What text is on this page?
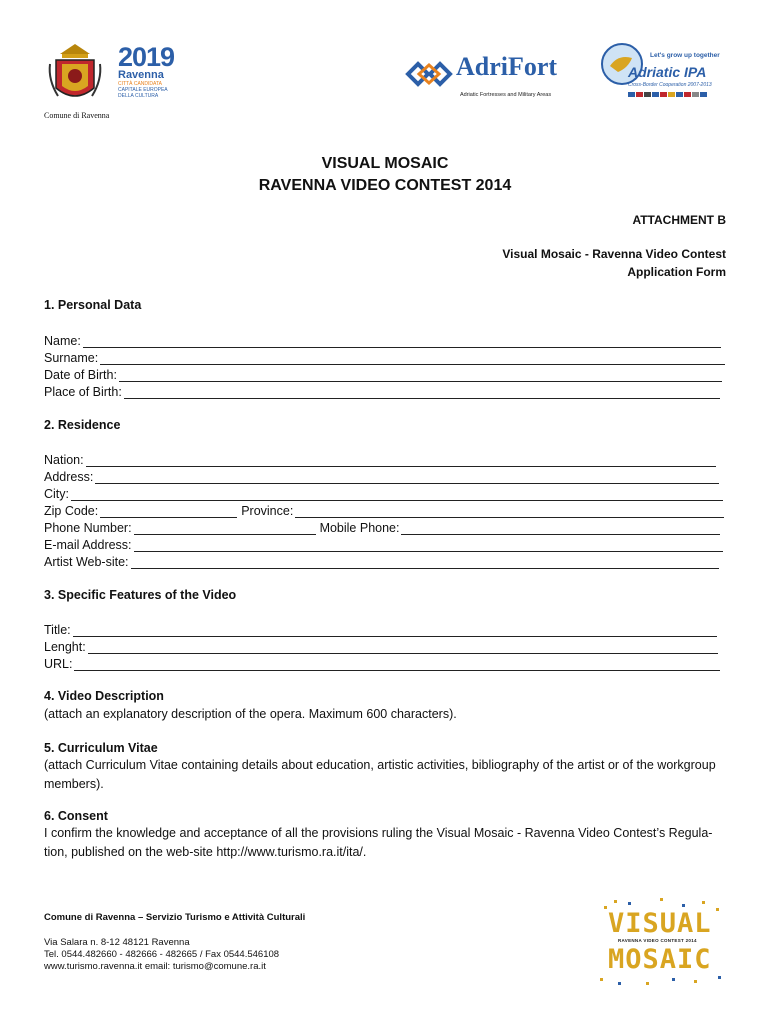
Comune di Ravenna
2019
Ravenna
CITTÀ CANDIDATA
CAPITALE EUROPEA
DELLA CULTURA
AdriFort
Adriatic Fortresses and Military Areas
Let's grow up together
Adriatic IPA
Cross-Border Cooperation 2007-2013
VISUAL MOSAIC
RAVENNA VIDEO CONTEST 2014
ATTACHMENT B
Visual Mosaic - Ravenna Video Contest
Application Form
1. Personal Data
Name:
Surname:
Date of Birth:
Place of Birth:
2. Residence
Nation:
Address:
City:
Zip Code:	Province:
Phone Number:	Mobile Phone:
E-mail Address:
Artist Web-site:
3. Specific Features of the Video
Title:
Lenght:
URL:
4. Video Description
(attach an explanatory description of the opera. Maximum 600 characters).
5. Curriculum Vitae
(attach Curriculum Vitae containing details about education, artistic activities, bibliography of the artist or of the workgroup members).
6. Consent
I confirm the knowledge and acceptance of all the provisions ruling the Visual Mosaic - Ravenna Video Contest’s Regula-tion, published on the web-site http://www.turismo.ra.it/ita/.
Comune di Ravenna – Servizio Turismo e Attività Culturali
Via Salara n. 8-12 48121 Ravenna
Tel. 0544.482660 - 482666 - 482665 / Fax 0544.546108
www.turismo.ravenna.it email: turismo@comune.ra.it
VISUAL
RAVENNA VIDEO CONTEST 2014
MOSAIC
